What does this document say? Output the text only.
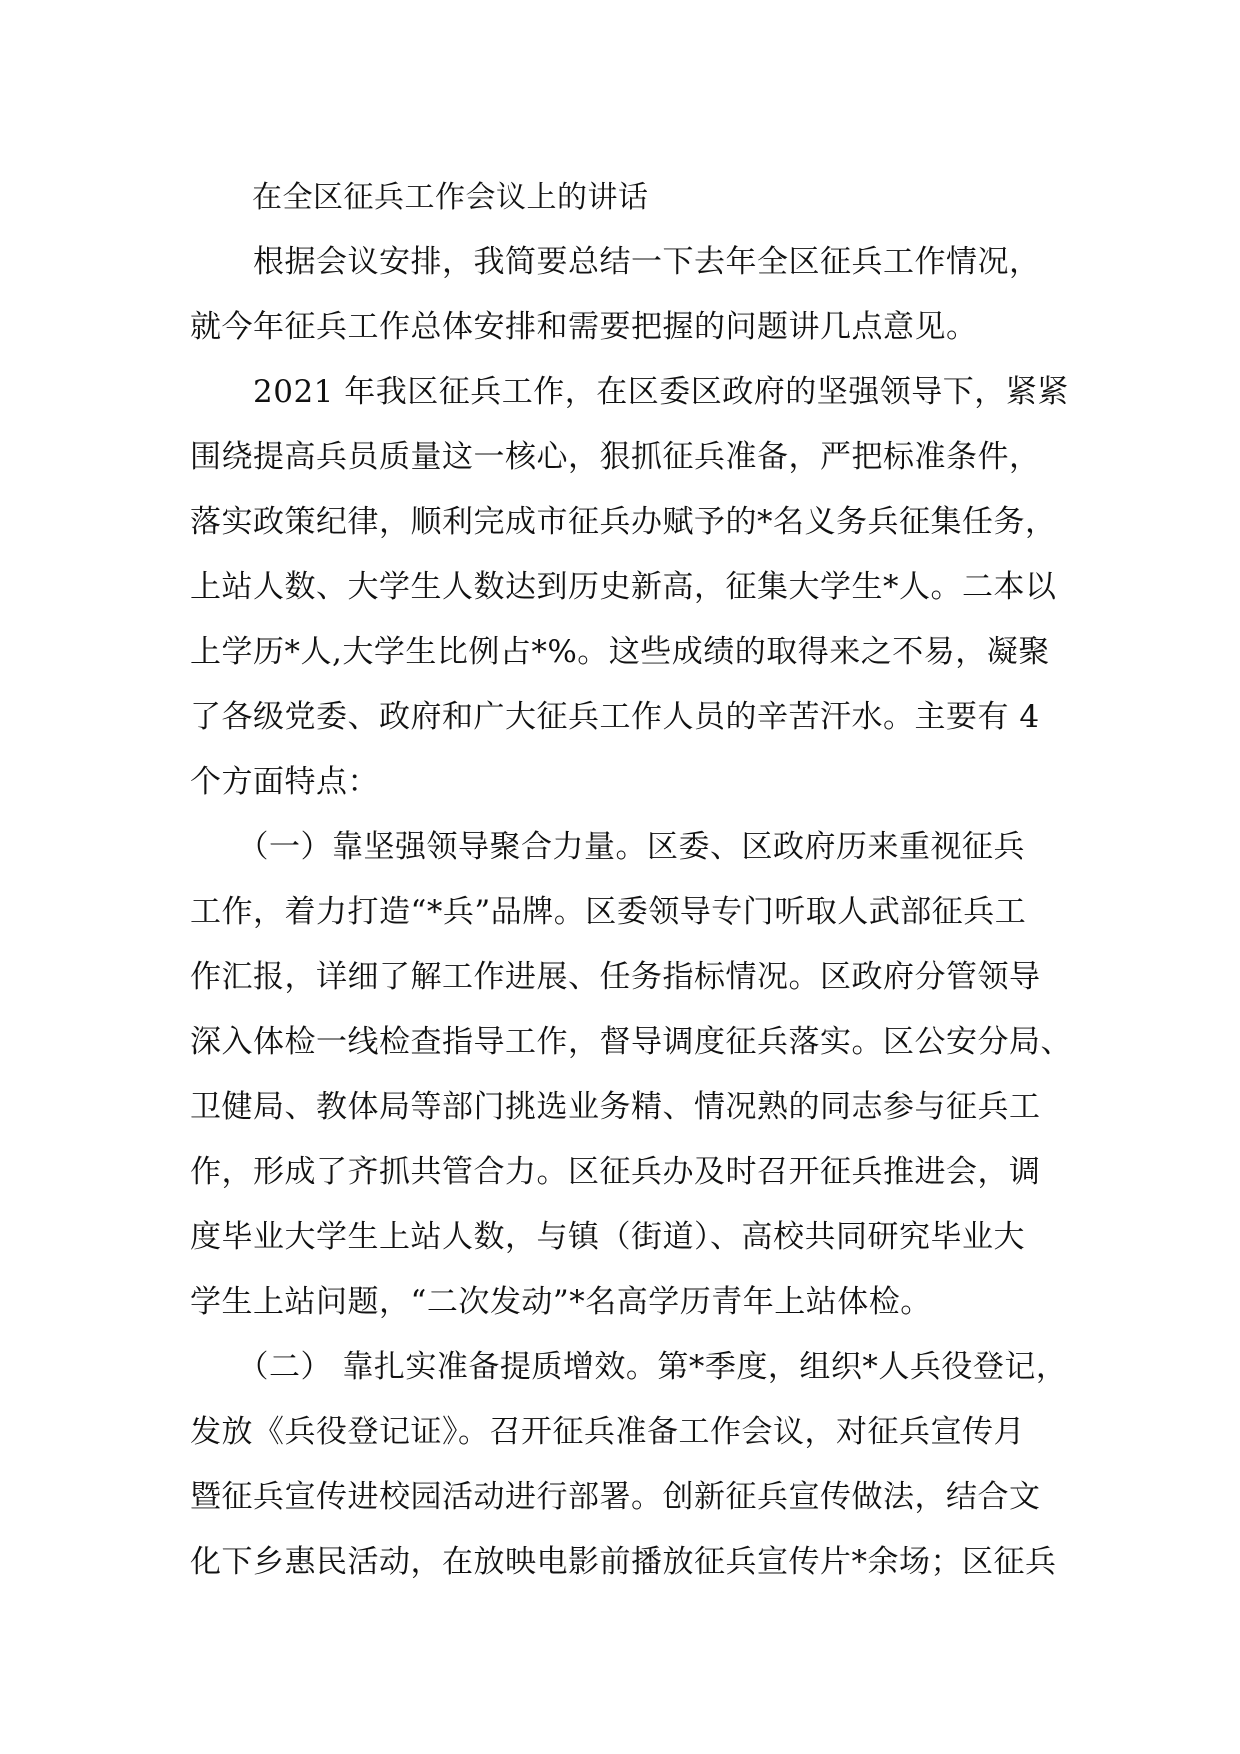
在全区征兵工作会议上的讲话
　　根据会议安排，我简要总结一下去年全区征兵工作情况，
就今年征兵工作总体安排和需要把握的问题讲几点意见。
　　2021 年我区征兵工作，在区委区政府的坚强领导下，紧紧
围绕提高兵员质量这一核心，狠抓征兵准备，严把标准条件，
落实政策纪律，顺利完成市征兵办赋予的*名义务兵征集任务，
上站人数、大学生人数达到历史新高，征集大学生*人。二本以
上学历*人,大学生比例占*%。这些成绩的取得来之不易，凝聚
了各级党委、政府和广大征兵工作人员的辛苦汗水。主要有 4
个方面特点：
　　（一）靠坚强领导聚合力量。区委、区政府历来重视征兵
工作，着力打造“*兵”品牌。区委领导专门听取人武部征兵工
作汇报，详细了解工作进展、任务指标情况。区政府分管领导
深入体检一线检查指导工作，督导调度征兵落实。区公安分局、
卫健局、教体局等部门挑选业务精、情况熟的同志参与征兵工
作，形成了齐抓共管合力。区征兵办及时召开征兵推进会，调
度毕业大学生上站人数，与镇（街道）、高校共同研究毕业大
学生上站问题，“二次发动”*名高学历青年上站体检。
　　（二） 靠扎实准备提质增效。第*季度，组织*人兵役登记，
发放《兵役登记证》。召开征兵准备工作会议，对征兵宣传月
暨征兵宣传进校园活动进行部署。创新征兵宣传做法，结合文
化下乡惠民活动，在放映电影前播放征兵宣传片*余场；区征兵
